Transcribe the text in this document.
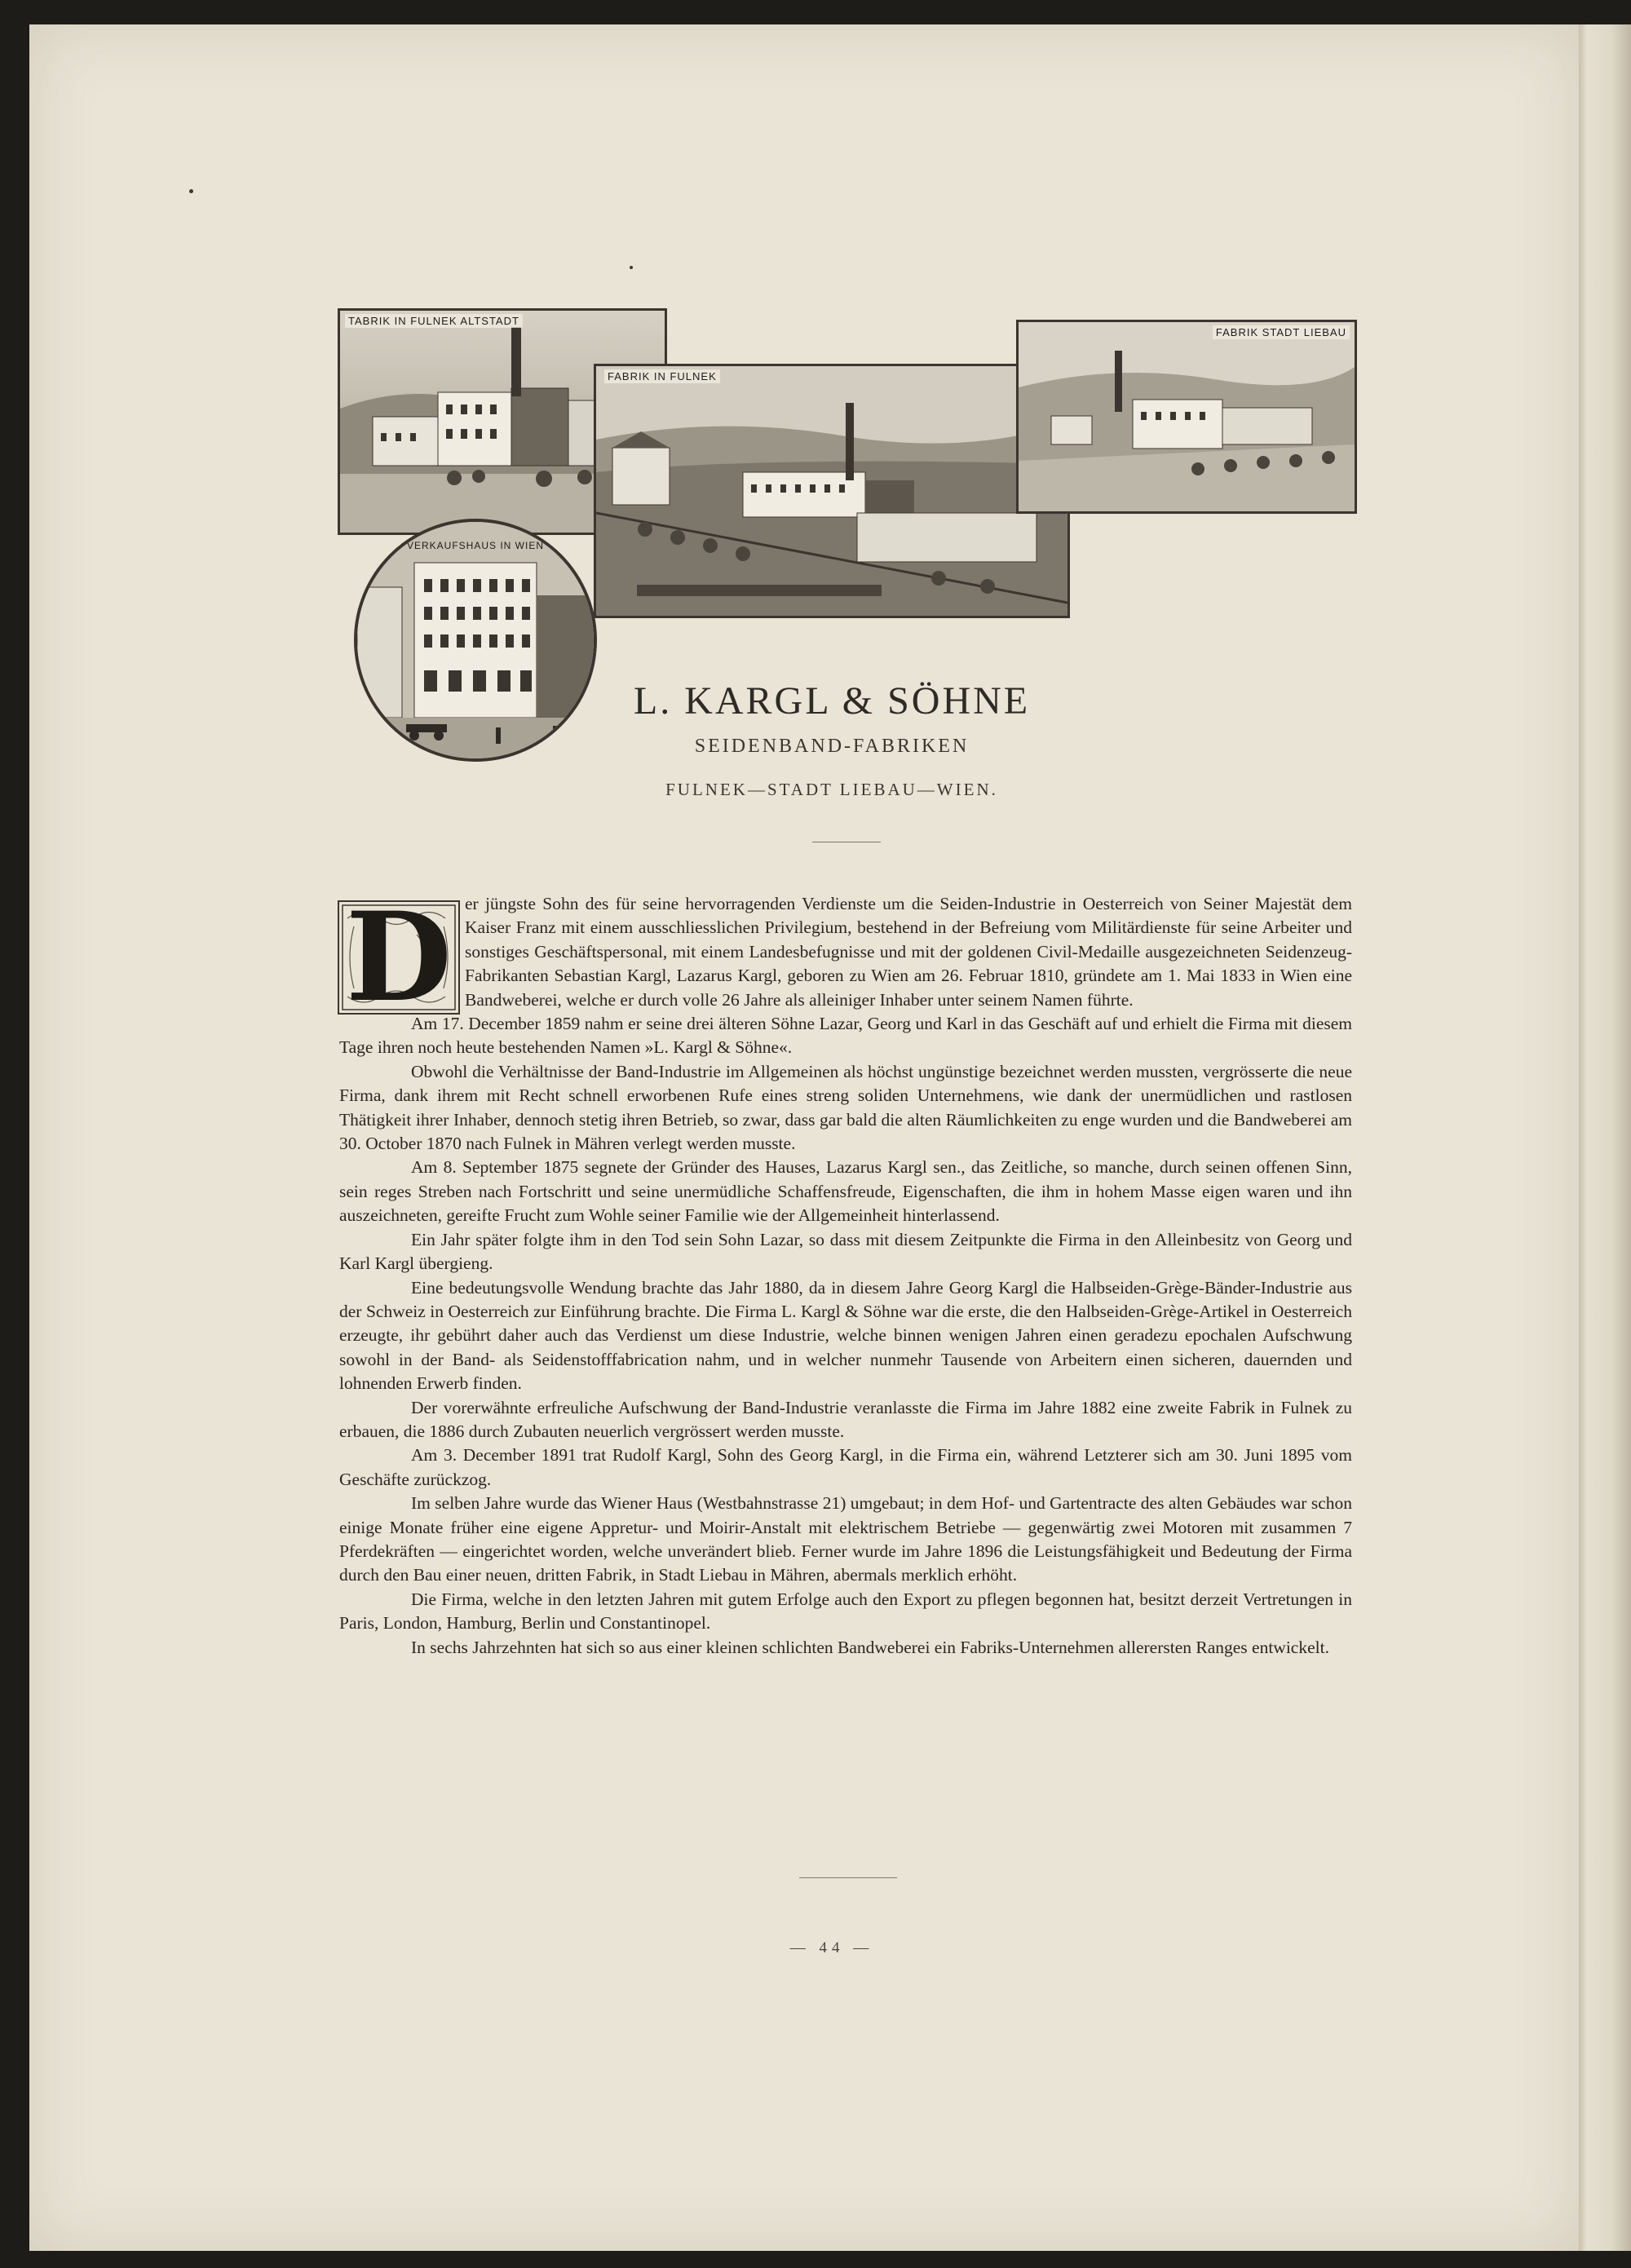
TABRIK IN FULNEK ALTSTADT
FABRIK IN FULNEK
FABRIK STADT LIEBAU
VERKAUFSHAUS IN WIEN
L. KARGL & SÖHNE
SEIDENBAND-FABRIKEN
FULNEK—STADT LIEBAU—WIEN.
D er jüngste Sohn des für seine hervorragenden Verdienste um die Seiden-Industrie in Oesterreich von Seiner Majestät dem Kaiser Franz mit einem ausschliesslichen Privilegium, bestehend in der Befreiung vom Militärdienste für seine Arbeiter und sonstiges Geschäftspersonal, mit einem Landesbefugnisse und mit der goldenen Civil-Medaille ausgezeichneten Seidenzeug-Fabrikanten Sebastian Kargl, Lazarus Kargl, geboren zu Wien am 26. Februar 1810, gründete am 1. Mai 1833 in Wien eine Bandweberei, welche er durch volle 26 Jahre als alleiniger Inhaber unter seinem Namen führte.

Am 17. December 1859 nahm er seine drei älteren Söhne Lazar, Georg und Karl in das Geschäft auf und erhielt die Firma mit diesem Tage ihren noch heute bestehenden Namen »L. Kargl & Söhne«.

Obwohl die Verhältnisse der Band-Industrie im Allgemeinen als höchst ungünstige bezeichnet werden mussten, vergrösserte die neue Firma, dank ihrem mit Recht schnell erworbenen Rufe eines streng soliden Unternehmens, wie dank der unermüdlichen und rastlosen Thätigkeit ihrer Inhaber, dennoch stetig ihren Betrieb, so zwar, dass gar bald die alten Räumlichkeiten zu enge wurden und die Bandweberei am 30. October 1870 nach Fulnek in Mähren verlegt werden musste.

Am 8. September 1875 segnete der Gründer des Hauses, Lazarus Kargl sen., das Zeitliche, so manche, durch seinen offenen Sinn, sein reges Streben nach Fortschritt und seine unermüdliche Schaffensfreude, Eigenschaften, die ihm in hohem Masse eigen waren und ihn auszeichneten, gereifte Frucht zum Wohle seiner Familie wie der Allgemeinheit hinterlassend.

Ein Jahr später folgte ihm in den Tod sein Sohn Lazar, so dass mit diesem Zeitpunkte die Firma in den Alleinbesitz von Georg und Karl Kargl übergieng.

Eine bedeutungsvolle Wendung brachte das Jahr 1880, da in diesem Jahre Georg Kargl die Halbseiden-Grège-Bänder-Industrie aus der Schweiz in Oesterreich zur Einführung brachte. Die Firma L. Kargl & Söhne war die erste, die den Halbseiden-Grège-Artikel in Oesterreich erzeugte, ihr gebührt daher auch das Verdienst um diese Industrie, welche binnen wenigen Jahren einen geradezu epochalen Aufschwung sowohl in der Band- als Seidenstofffabrication nahm, und in welcher nunmehr Tausende von Arbeitern einen sicheren, dauernden und lohnenden Erwerb finden.

Der vorerwähnte erfreuliche Aufschwung der Band-Industrie veranlasste die Firma im Jahre 1882 eine zweite Fabrik in Fulnek zu erbauen, die 1886 durch Zubauten neuerlich vergrössert werden musste.

Am 3. December 1891 trat Rudolf Kargl, Sohn des Georg Kargl, in die Firma ein, während Letzterer sich am 30. Juni 1895 vom Geschäfte zurückzog.

Im selben Jahre wurde das Wiener Haus (Westbahnstrasse 21) umgebaut; in dem Hof- und Gartentracte des alten Gebäudes war schon einige Monate früher eine eigene Appretur- und Moirir-Anstalt mit elektrischem Betriebe — gegenwärtig zwei Motoren mit zusammen 7 Pferdekräften — eingerichtet worden, welche unverändert blieb. Ferner wurde im Jahre 1896 die Leistungsfähigkeit und Bedeutung der Firma durch den Bau einer neuen, dritten Fabrik, in Stadt Liebau in Mähren, abermals merklich erhöht.

Die Firma, welche in den letzten Jahren mit gutem Erfolge auch den Export zu pflegen begonnen hat, besitzt derzeit Vertretungen in Paris, London, Hamburg, Berlin und Constantinopel.

In sechs Jahrzehnten hat sich so aus einer kleinen schlichten Bandweberei ein Fabriks-Unternehmen allerersten Ranges entwickelt.

— 44 —
